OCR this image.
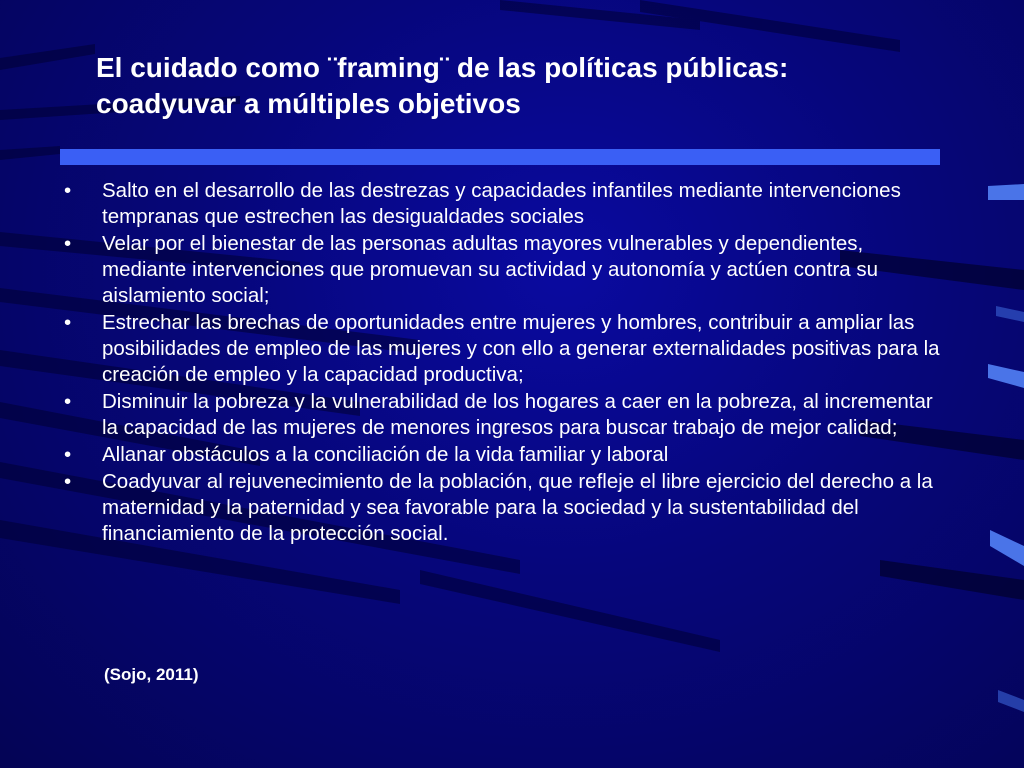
El cuidado como ¨framing¨ de las políticas públicas: coadyuvar a múltiples objetivos
• Salto en el desarrollo de las destrezas y capacidades infantiles mediante intervenciones tempranas que estrechen las desigualdades sociales
• Velar por el bienestar de las personas adultas mayores vulnerables y dependientes, mediante intervenciones que promuevan su actividad y autonomía y actúen contra su aislamiento social;
• Estrechar las brechas de oportunidades entre mujeres y hombres, contribuir a ampliar las posibilidades de empleo de las mujeres y con ello a generar externalidades positivas para la creación de empleo y la capacidad productiva;
• Disminuir la pobreza y la vulnerabilidad de los hogares a caer en la pobreza, al incrementar la capacidad de las mujeres de menores ingresos para buscar trabajo de mejor calidad;
• Allanar obstáculos a la conciliación de la vida familiar y laboral
• Coadyuvar al rejuvenecimiento de la población, que refleje el libre ejercicio del derecho a la maternidad y la paternidad y sea favorable para la sociedad y la sustentabilidad del financiamiento de la protección social.
(Sojo, 2011)
